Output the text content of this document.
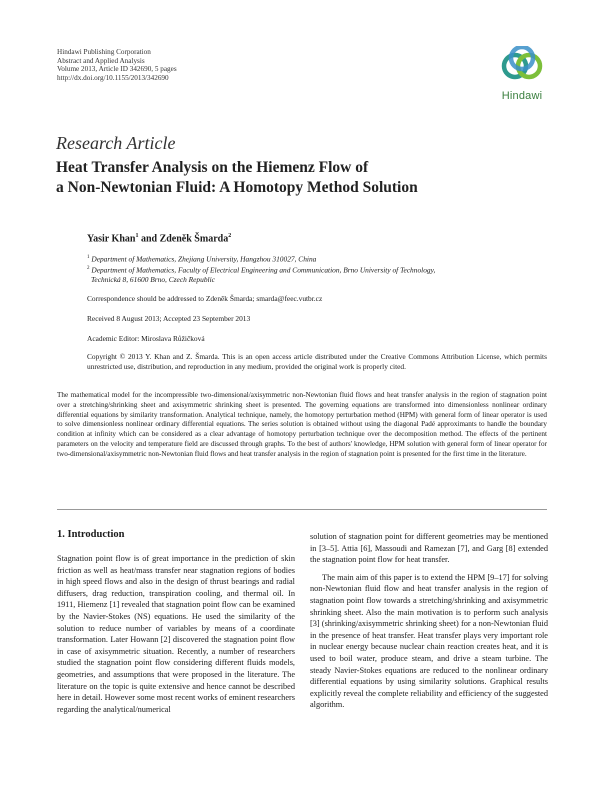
Hindawi Publishing Corporation
Abstract and Applied Analysis
Volume 2013, Article ID 342690, 5 pages
http://dx.doi.org/10.1155/2013/342690
Hindawi
Research Article
Heat Transfer Analysis on the Hiemenz Flow of
a Non-Newtonian Fluid: A Homotopy Method Solution
Yasir Khan$^1$ and Zdeněk Šmarda$^2$
$^1$ Department of Mathematics, Zhejiang University, Hangzhou 310027, China
$^2$ Department of Mathematics, Faculty of Electrical Engineering and Communication, Brno University of Technology,
Technická 8, 61600 Brno, Czech Republic
Correspondence should be addressed to Zdeněk Šmarda; smarda@feec.vutbr.cz
Received 8 August 2013; Accepted 23 September 2013
Academic Editor: Miroslava Růžičková
Copyright © 2013 Y. Khan and Z. Šmarda. This is an open access article distributed under the Creative Commons Attribution License, which permits unrestricted use, distribution, and reproduction in any medium, provided the original work is properly cited.
The mathematical model for the incompressible two-dimensional/axisymmetric non-Newtonian fluid flows and heat transfer analysis in the region of stagnation point over a stretching/shrinking sheet and axisymmetric shrinking sheet is presented. The governing equations are transformed into dimensionless nonlinear ordinary differential equations by similarity transformation. Analytical technique, namely, the homotopy perturbation method (HPM) with general form of linear operator is used to solve dimensionless nonlinear ordinary differential equations. The series solution is obtained without using the diagonal Padé approximants to handle the boundary condition at infinity which can be considered as a clear advantage of homotopy perturbation technique over the decomposition method. The effects of the pertinent parameters on the velocity and temperature field are discussed through graphs. To the best of authors' knowledge, HPM solution with general form of linear operator for two-dimensional/axisymmetric non-Newtonian fluid flows and heat transfer analysis in the region of stagnation point is presented for the first time in the literature.
1. Introduction

Stagnation point flow is of great importance in the prediction of skin friction as well as heat/mass transfer near stagnation regions of bodies in high speed flows and also in the design of thrust bearings and radial diffusers, drag reduction, transpiration cooling, and thermal oil. In 1911, Hiemenz [1] revealed that stagnation point flow can be examined by the Navier-Stokes (NS) equations. He used the similarity of the solution to reduce number of variables by means of a coordinate transformation. Later Howann [2] discovered the stagnation point flow in case of axisymmetric situation. Recently, a number of researchers studied the stagnation point flow considering different fluids models, geometries, and assumptions that were proposed in the literature. The literature on the topic is quite extensive and hence cannot be described here in detail. However some most recent works of eminent researchers regarding the analytical/numerical

solution of stagnation point for different geometries may be mentioned in [3–5]. Attia [6], Massoudi and Ramezan [7], and Garg [8] extended the stagnation point flow for heat transfer.

The main aim of this paper is to extend the HPM [9–17] for solving non-Newtonian fluid flow and heat transfer analysis in the region of stagnation point flow towards a stretching/shrinking and axisymmetric shrinking sheet. Also the main motivation is to perform such analysis [3] (shrinking/axisymmetric shrinking sheet) for a non-Newtonian fluid in the presence of heat transfer. Heat transfer plays very important role in nuclear energy because nuclear chain reaction creates heat, and it is used to boil water, produce steam, and drive a steam turbine. The steady Navier-Stokes equations are reduced to the nonlinear ordinary differential equations by using similarity solutions. Graphical results explicitly reveal the complete reliability and efficiency of the suggested algorithm.
